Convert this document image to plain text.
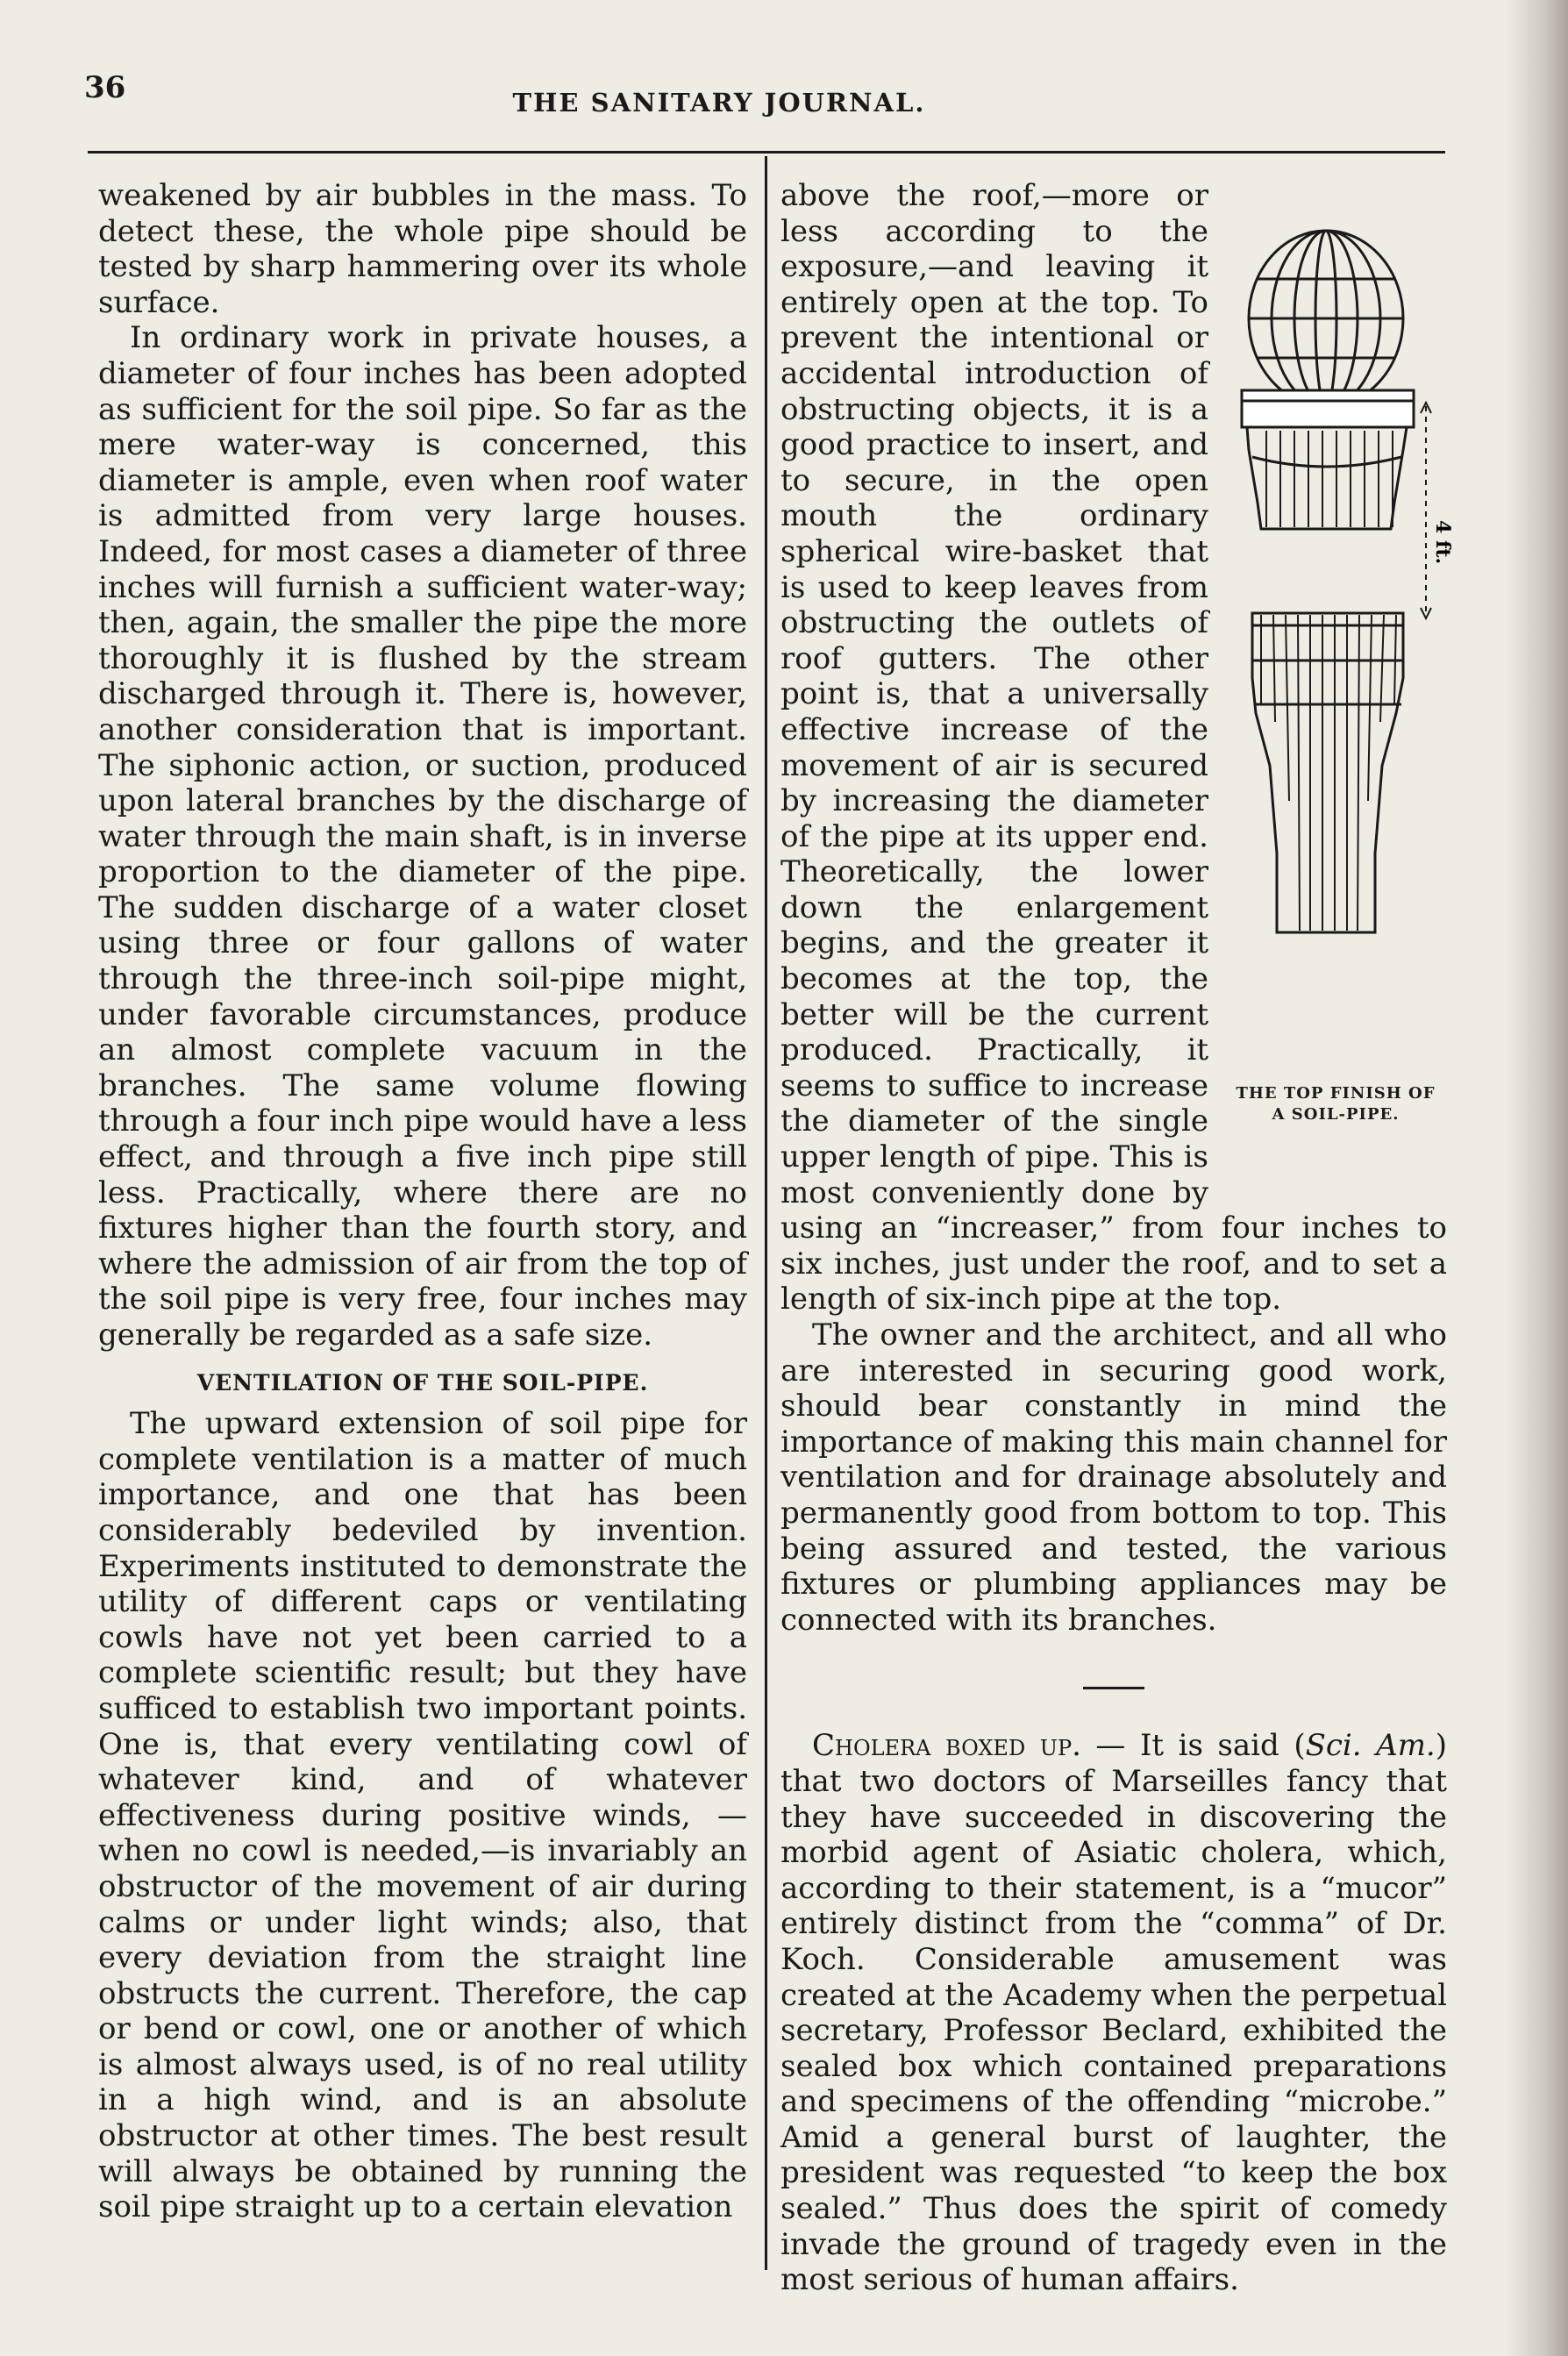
36	THE SANITARY JOURNAL.

weakened by air bubbles in the mass. To detect these, the whole pipe should be tested by sharp hammering over its whole surface.

In ordinary work in private houses, a diameter of four inches has been adopted as sufficient for the soil pipe. So far as the mere water-way is concerned, this diameter is ample, even when roof water is admitted from very large houses. Indeed, for most cases a diameter of three inches will furnish a sufficient water-way; then, again, the smaller the pipe the more thoroughly it is flushed by the stream discharged through it. There is, however, another consideration that is important. The siphonic action, or suction, produced upon lateral branches by the discharge of water through the main shaft, is in inverse proportion to the diameter of the pipe. The sudden discharge of a water closet using three or four gallons of water through the three-inch soil-pipe might, under favorable circumstances, produce an almost complete vacuum in the branches. The same volume flowing through a four inch pipe would have a less effect, and through a five inch pipe still less. Practically, where there are no fixtures higher than the fourth story, and where the admission of air from the top of the soil pipe is very free, four inches may generally be regarded as a safe size.

VENTILATION OF THE SOIL-PIPE.

The upward extension of soil pipe for complete ventilation is a matter of much importance, and one that has been considerably bedeviled by invention. Experiments instituted to demonstrate the utility of different caps or ventilating cowls have not yet been carried to a complete scientific result; but they have sufficed to establish two important points. One is, that every ventilating cowl of whatever kind, and of whatever effectiveness during positive winds, — when no cowl is needed,—is invariably an obstructor of the movement of air during calms or under light winds; also, that every deviation from the straight line obstructs the current. Therefore, the cap or bend or cowl, one or another of which is almost always used, is of no real utility in a high wind, and is an absolute obstructor at other times. The best result will always be obtained by running the soil pipe straight up to a certain elevation

4 ft.
THE TOP FINISH OF
A SOIL-PIPE.

above the roof,—more or less according to the exposure,—and leaving it entirely open at the top. To prevent the intentional or accidental introduction of obstructing objects, it is a good practice to insert, and to secure, in the open mouth the ordinary spherical wire-basket that is used to keep leaves from obstructing the outlets of roof gutters. The other point is, that a universally effective increase of the movement of air is secured by increasing the diameter of the pipe at its upper end. Theoretically, the lower down the enlargement begins, and the greater it becomes at the top, the better will be the current produced. Practically, it seems to suffice to increase the diameter of the single upper length of pipe. This is most conveniently done by using an “increaser,” from four inches to six inches, just under the roof, and to set a length of six-inch pipe at the top.

The owner and the architect, and all who are interested in securing good work, should bear constantly in mind the importance of making this main channel for ventilation and for drainage absolutely and permanently good from bottom to top. This being assured and tested, the various fixtures or plumbing appliances may be connected with its branches.

Cholera boxed up. — It is said (Sci. Am.) that two doctors of Marseilles fancy that they have succeeded in discovering the morbid agent of Asiatic cholera, which, according to their statement, is a “mucor” entirely distinct from the “comma” of Dr. Koch. Considerable amusement was created at the Academy when the perpetual secretary, Professor Beclard, exhibited the sealed box which contained preparations and specimens of the offending “microbe.” Amid a general burst of laughter, the president was requested “to keep the box sealed.” Thus does the spirit of comedy invade the ground of tragedy even in the most serious of human affairs.
